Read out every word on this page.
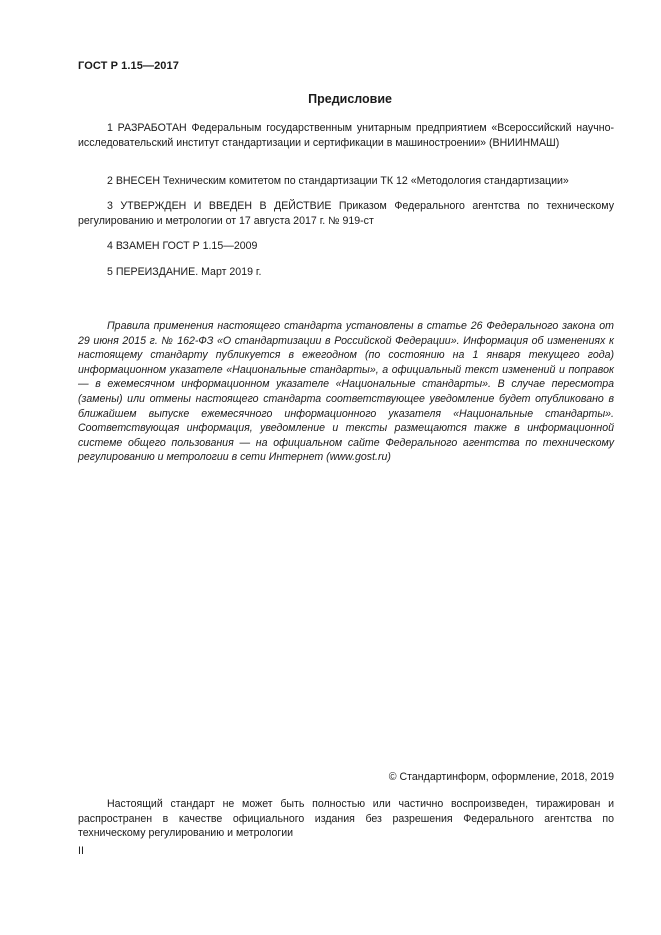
ГОСТ Р 1.15—2017
Предисловие
1 РАЗРАБОТАН Федеральным государственным унитарным предприятием «Всероссийский научно-исследовательский институт стандартизации и сертификации в машиностроении» (ВНИИНМАШ)
2 ВНЕСЕН Техническим комитетом по стандартизации ТК 12 «Методология стандартизации»
3 УТВЕРЖДЕН И ВВЕДЕН В ДЕЙСТВИЕ Приказом Федерального агентства по техническому регулированию и метрологии от 17 августа 2017 г. № 919-ст
4 ВЗАМЕН ГОСТ Р 1.15—2009
5 ПЕРЕИЗДАНИЕ. Март 2019 г.
Правила применения настоящего стандарта установлены в статье 26 Федерального закона от 29 июня 2015 г. № 162-ФЗ «О стандартизации в Российской Федерации». Информация об изменениях к настоящему стандарту публикуется в ежегодном (по состоянию на 1 января текущего года) информационном указателе «Национальные стандарты», а официальный текст изменений и поправок — в ежемесячном информационном указателе «Национальные стандарты». В случае пересмотра (замены) или отмены настоящего стандарта соответствующее уведомление будет опубликовано в ближайшем выпуске ежемесячного информационного указателя «Национальные стандарты». Соответствующая информация, уведомление и тексты размещаются также в информационной системе общего пользования — на официальном сайте Федерального агентства по техническому регулированию и метрологии в сети Интернет (www.gost.ru)
© Стандартинформ, оформление, 2018, 2019
Настоящий стандарт не может быть полностью или частично воспроизведен, тиражирован и распространен в качестве официального издания без разрешения Федерального агентства по техническому регулированию и метрологии
II
